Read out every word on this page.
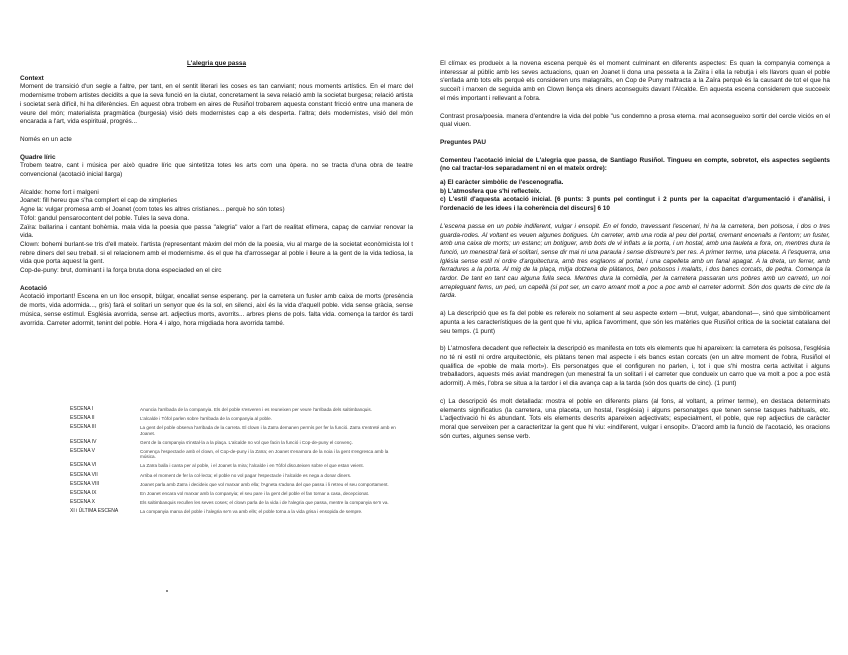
L'alegria que passa

Context

Moment de transició d'un segle a l'altre, per tant, en el sentit literari les coses es tan canviant; nous moments artístics. En el marc del modernisme trobem artistes decidits a que la seva funció en la ciutat, concretament la seva relació amb la societat burgesa; relació artista i societat serà difícil, hi ha diferències. En aquest obra trobem en aires de Rusiñol trobarem aquesta constant fricció entre una manera de veure del món; materialista pragmàtica (burgesia) visió dels modernistes cap a els desperta. l'altra; dels modernistes, visió del món encarada a l'art, vida espiritual, progrés...

Només en un acte

Quadre líric

Trobem teatre, cant i música per això quadre líric que sintetitza totes les arts com una òpera. no se tracta d'una obra de teatre convencional (acotació inicial llarga)

Alcalde: home fort i malgeni

Joanet: fill hereu que s'ha complert el cap de ximpleries

Agne la: vulgar promesa amb el Joanet (com totes les altres cristianes... perquè ho són totes)

Tòfol: gandul pensarocontent del poble. Tules la seva dona.

Zaïra: ballarina i cantant bohèmia. mala vida la poesia que passa "alegria" valor a l'art de realitat efímera, capaç de canviar renovar la vida.

Clown: bohemi burlant-se tris d'ell mateix. l'artista (representant màxim del món de la poesia, viu al marge de la societat econòmicista lol t rebre diners del seu treball. si el relacionem amb el modernisme. és el que ha d'arrossegar al poble i lleure a la gent de la vida tediosa, la vida que porta aquest la gent.

Cop-de-puny: brut, dominant i la força bruta dona especiaded en el circ

Acotació

Acotació important! Escena en un lloc ensopit, búlgar, encallat sense esperanç. per la carretera un fusler amb caixa de morts (presència de morts, vida adormida..., gris) farà el solitari un senyor que és la sol, en silenci, així és la vida d'aquell poble. vida sense gràcia, sense música, sense estímul. Església avorrida, sense art. adjectius morts, avorrits... arbres plens de pols. falta vida. comença la tardor és tardi avorrida. Carreter adormit, tenint del poble. Hora 4 i algo, hora migdiada hora avorrida també.

ESCENA I	Anuncia l'arribada de la companyia. Els del poble s'esveren i es reuneixen per veure l'arribada dels saltimbanquis.
ESCENA II	L'alcalde i Tòfol parlen sobre l'arribada de la companyia al poble.
ESCENA III	La gent del poble observa l'arribada de la carreta. El clown i la Zaïra demanen permís per fer la funció. Zaïra s'entreté amb en Joanet.
ESCENA IV	Gent de la companyia s'instal·la a la plaça. L'alcalde no vol que facin la funció i Cop-de-puny el convenç.
ESCENA V	Comença l'espectacle amb el clown, el Cop-de-puny i la Zaïra; en Joanet s'enamora de la noia i la gent s'engresca amb la música.
ESCENA VI	La Zaïra balla i canta per al poble, i el Joanet la mira; l'alcalde i en Tòfol discuteixen sobre el que estan veient.
ESCENA VII	Arriba el moment de fer la col·lecta; el poble no vol pagar l'espectacle i l'alcalde es nega a donar diners.
ESCENA VIII	Joanet parla amb Zaïra i decideix que vol marxar amb ella; l'Agneta s'adona del que passa i li retreu el seu comportament.
ESCENA IX	En Joanet encara vol marxar amb la companyia; el seu pare i la gent del poble el fan tornar a casa, decepcionat.
ESCENA X	Els saltimbanquis recullen les seves coses; el clown parla de la vida i de l'alegria que passa, mentre la companyia se'n va.
XI i ÚLTIMA ESCENA	La companyia marxa del poble i l'alegria se'n va amb ells; el poble torna a la vida grisa i ensopida de sempre.

El clímax es produeix a la novena escena perquè és el moment culminant en diferents aspectes: Es quan la companyia comença a interessar al públic amb les seves actuacions, quan en Joanet li dona una pesseta a la Zaïra i ella la rebutja i els llavors quan el poble s'enfada amb tots ells perquè els consideren uns malagraïts, en Cop de Puny maltracta a la Zaïra perquè és la causant de tot el que ha succeït i marxen de seguida amb en Clown llença els diners aconseguits davant l'Alcalde. En aquesta escena considerem que succeeix el més important i rellevant a l'obra.

Contrast prosa/poesia. manera d'entendre la vida del poble "us condemno a prosa eterna. mal aconsegueixo sortir del cercle viciós en el qual viuen.

Preguntes PAU

Comenteu l'acotació inicial de L'alegria que passa, de Santiago Rusiñol. Tingueu en compte, sobretot, els aspectes següents (no cal tractar-los separadament ni en el mateix ordre):

a) El caràcter simbòlic de l'escenografia.

b) L'atmosfera que s'hi reflecteix.

c) L'estil d'aquesta acotació inicial. [6 punts: 3 punts pel contingut i 2 punts per la capacitat d'argumentació i d'anàlisi, i l'ordenació de les idees i la coherència del discurs] 6 10

L'escena passa en un poble indiferent, vulgar i ensopit. En el fondo, travessant l'escenari, hi ha la carretera, ben polsosa, i dos o tres guarda-rodes. Al voltant es veuen algunes botigues. Un carreter, amb una roda al peu del portal, cremant encenalls a l'entorn; un fuster, amb una caixa de morts; un estanc; un botiguer, amb bots de vi inflats a la porta, i un hostal, amb una tauleta a fora, on, mentres dura la funció, un menestral farà el solitari, sense dir mai ni una paraula i sense distreure's per res. A primer terme, una placeta. A l'esquerra, una Iglésia sense estil ni ordre d'arquitectura, amb tres esglaons al portal, i una capelleta amb un fanal apagat. A la dreta, un ferrer, amb ferradures a la porta. Al mig de la plaça, mitja dotzena de plàtanos, ben polsosos i malalts, i dos bancs corcats, de pedra. Comença la tardor. De tant en tant cau alguna fulla seca. Mentres dura la comèdia, per la carretera passaran uns pobres amb un carretó, un noi arrepleguant fems, un peó, un capellà (si pot ser, un carro amant molt a poc a poc amb el carreter adormit. Són dos quarts de cinc de la tarda.

a) La descripció que es fa del poble es refereix no solament al seu aspecte extern —brut, vulgar, abandonat—, sinó que simbòlicament apunta a les característiques de la gent que hi viu, aplica l'avorriment, que són les matèries que Rusiñol critica de la societat catalana del seu temps. (1 punt)

b) L'atmosfera decadent que reflecteix la descripció es manifesta en tots els elements que hi apareixen: la carretera és polsosa, l'església no té ni estil ni ordre arquitectònic, els plàtans tenen mal aspecte i els bancs estan corcats (en un altre moment de l'obra, Rusiñol el qualifica de «poble de mala mort»). Els personatges que el configuren no parlen, i, tot i que s'hi mostra certa activitat i alguns treballadors, aquests més aviat mandregen (un menestral fa un solitari i el carreter que condueix un carro que va molt a poc a poc està adormit). A més, l'obra se situa a la tardor i el dia avança cap a la tarda (són dos quarts de cinc). (1 punt)

c) La descripció és molt detallada: mostra el poble en diferents plans (al fons, al voltant, a primer terme), en destaca determinats elements significatius (la carretera, una placeta, un hostal, l'església) i alguns personatges que tenen sense tasques habituals, etc. L'adjectivació hi és abundant. Tots els elements descrits apareixen adjectivats; especialment, el poble, que rep adjectius de caràcter moral que serveixen per a caracteritzar la gent que hi viu: «indiferent, vulgar i ensopit». D'acord amb la funció de l'acotació, les oracions són curtes, algunes sense verb.
